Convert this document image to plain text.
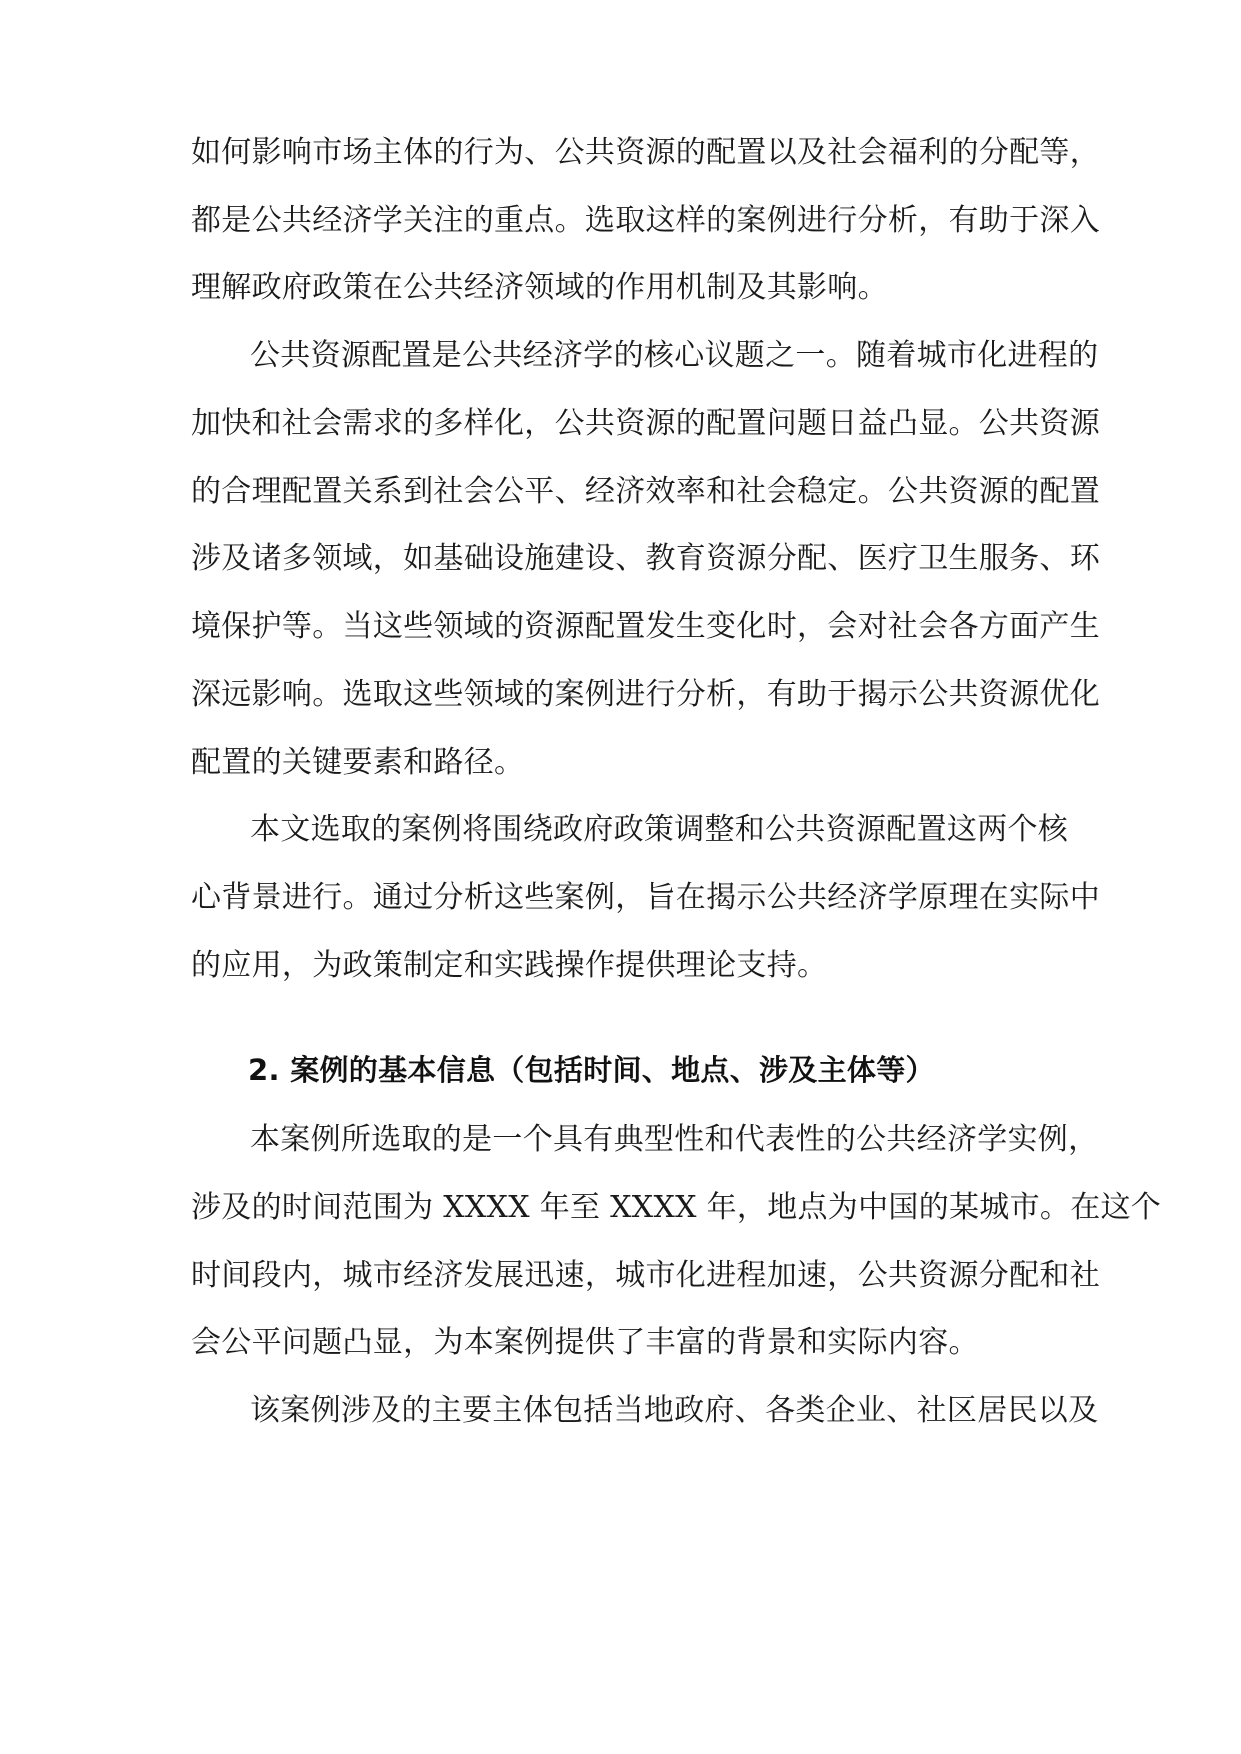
如何影响市场主体的行为、公共资源的配置以及社会福利的分配等，
都是公共经济学关注的重点。选取这样的案例进行分析，有助于深入
理解政府政策在公共经济领域的作用机制及其影响。
公共资源配置是公共经济学的核心议题之一。随着城市化进程的
加快和社会需求的多样化，公共资源的配置问题日益凸显。公共资源
的合理配置关系到社会公平、经济效率和社会稳定。公共资源的配置
涉及诸多领域，如基础设施建设、教育资源分配、医疗卫生服务、环
境保护等。当这些领域的资源配置发生变化时，会对社会各方面产生
深远影响。选取这些领域的案例进行分析，有助于揭示公共资源优化
配置的关键要素和路径。
本文选取的案例将围绕政府政策调整和公共资源配置这两个核
心背景进行。通过分析这些案例，旨在揭示公共经济学原理在实际中
的应用，为政策制定和实践操作提供理论支持。
2. 案例的基本信息（包括时间、地点、涉及主体等）
本案例所选取的是一个具有典型性和代表性的公共经济学实例，
涉及的时间范围为 XXXX 年至 XXXX 年，地点为中国的某城市。在这个
时间段内，城市经济发展迅速，城市化进程加速，公共资源分配和社
会公平问题凸显，为本案例提供了丰富的背景和实际内容。
该案例涉及的主要主体包括当地政府、各类企业、社区居民以及
